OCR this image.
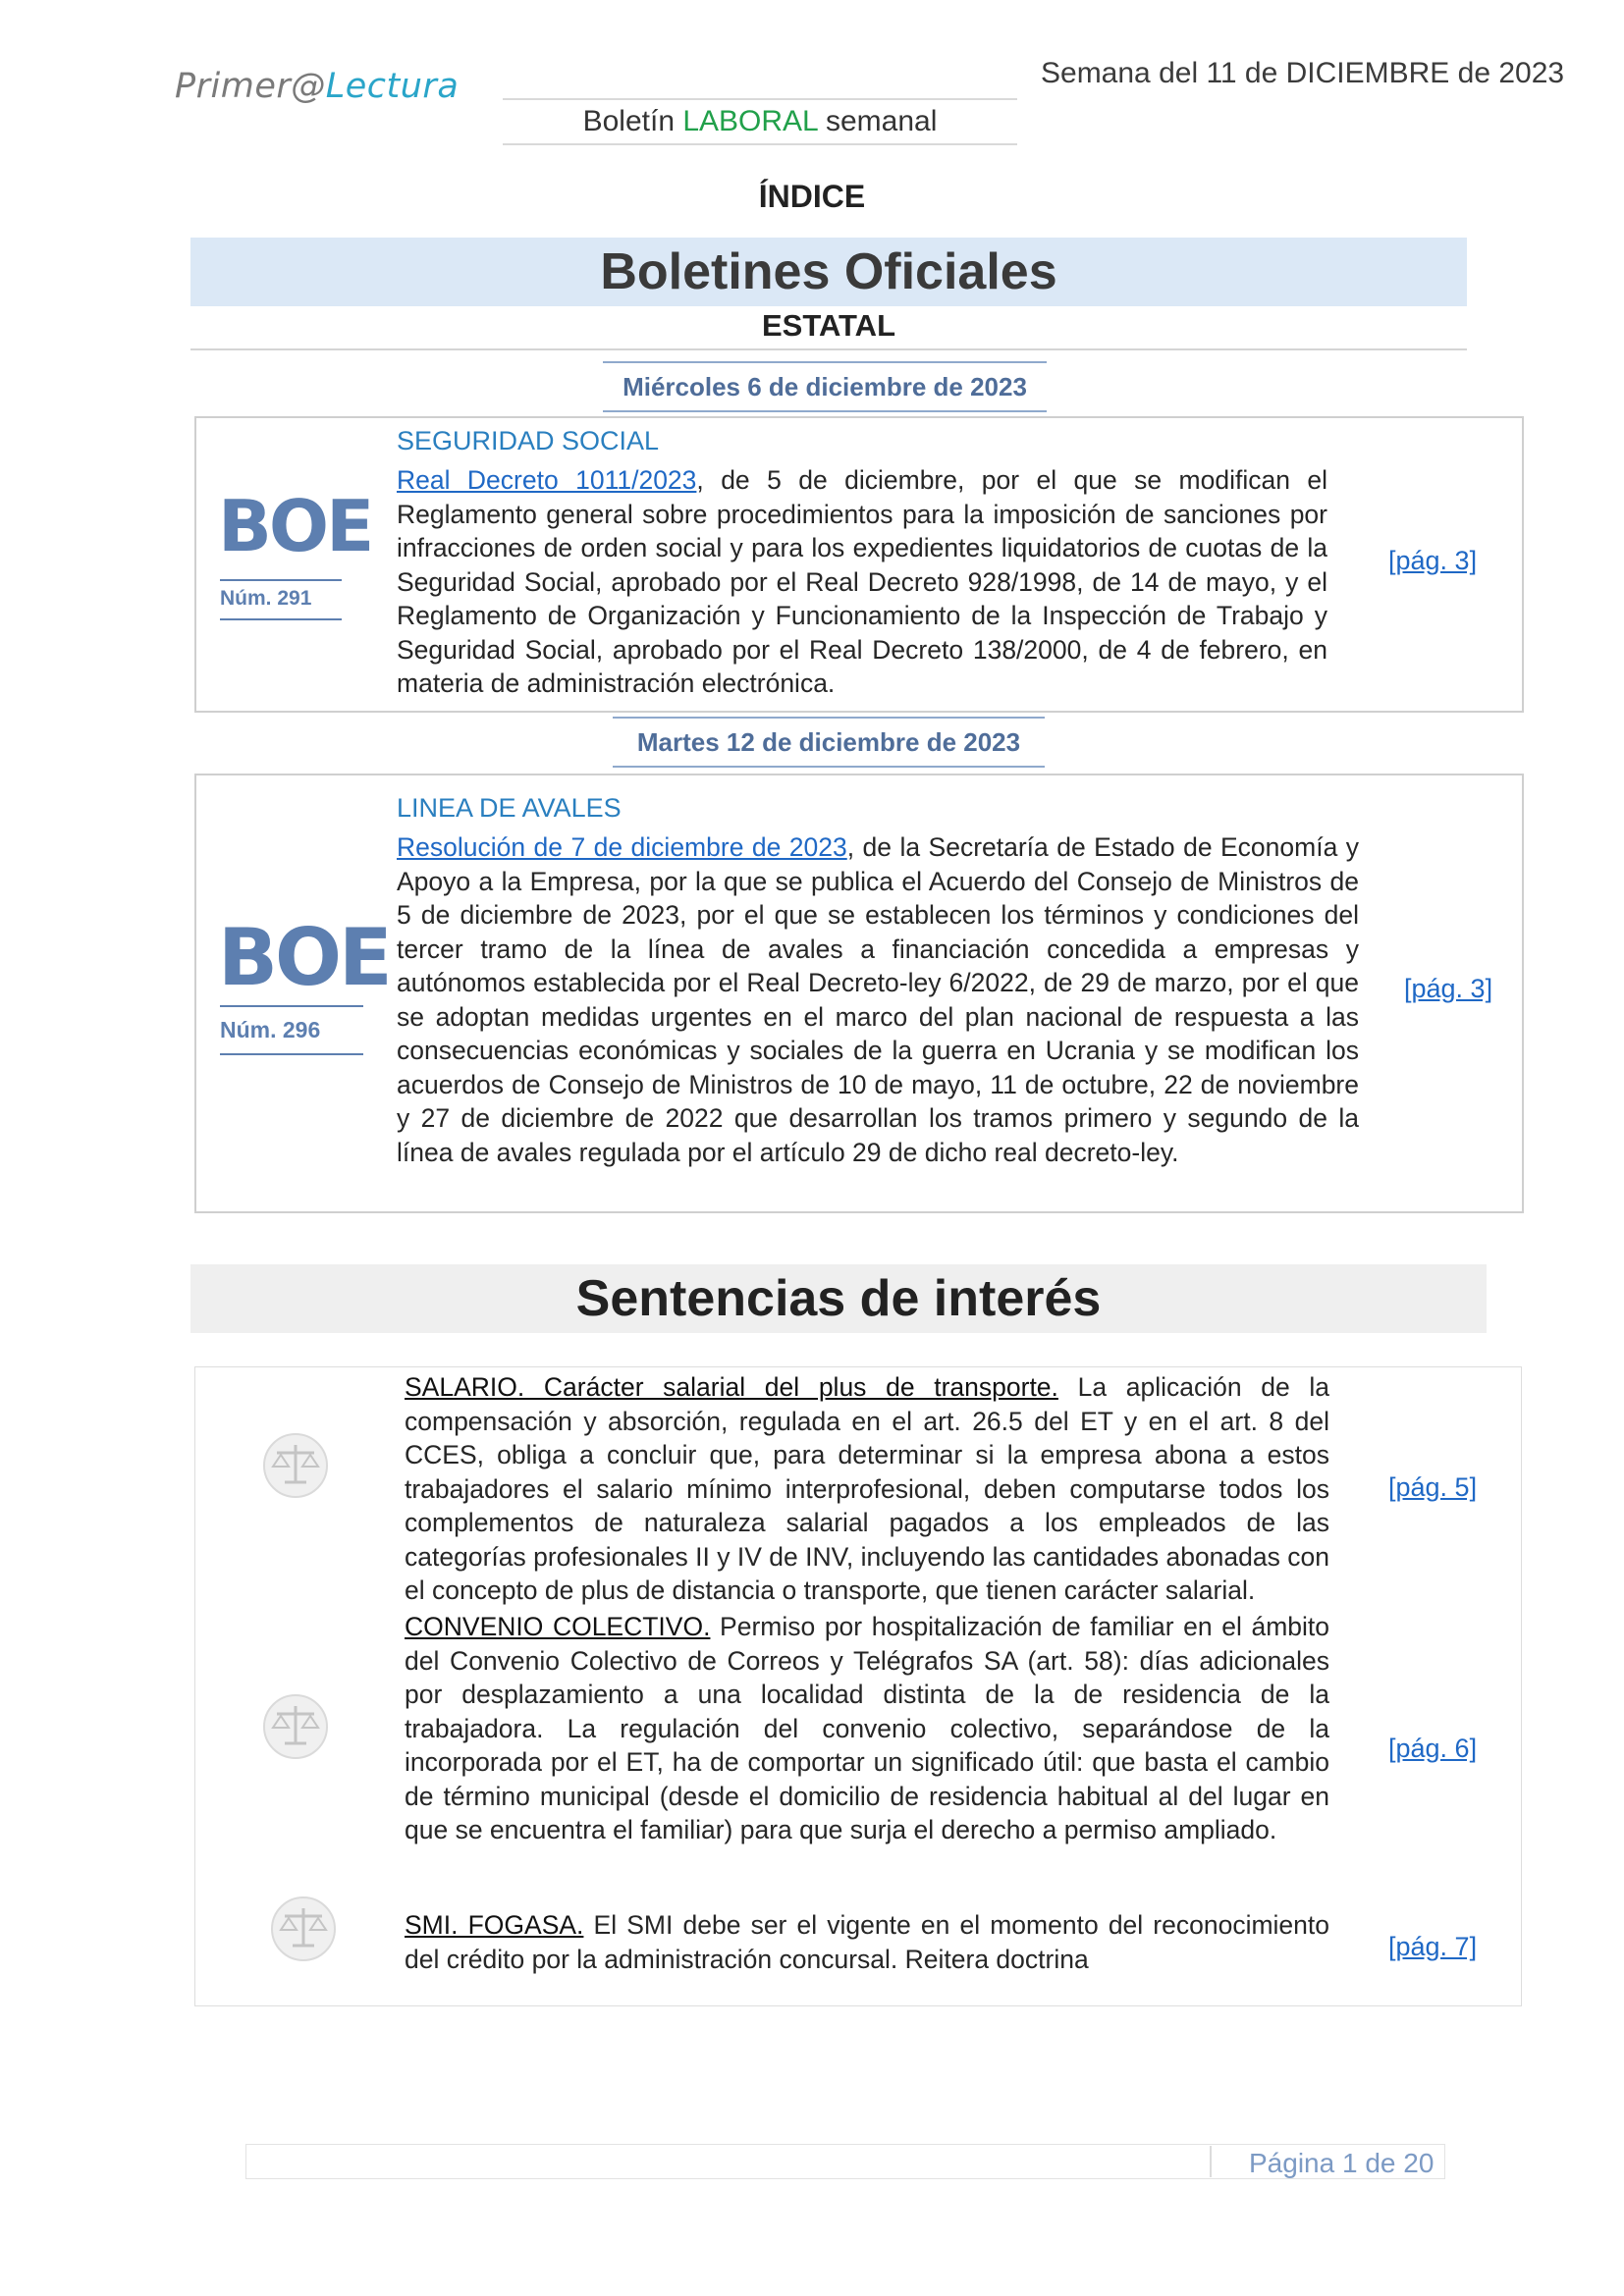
Primer@Lectura	Semana del 11 de DICIEMBRE de 2023
Boletín LABORAL semanal
ÍNDICE
Boletines Oficiales
ESTATAL
Miércoles 6 de diciembre de 2023
BOE
Núm. 291
SEGURIDAD SOCIAL
Real Decreto 1011/2023, de 5 de diciembre, por el que se modifican el Reglamento general sobre procedimientos para la imposición de sanciones por infracciones de orden social y para los expedientes liquidatorios de cuotas de la Seguridad Social, aprobado por el Real Decreto 928/1998, de 14 de mayo, y el Reglamento de Organización y Funcionamiento de la Inspección de Trabajo y Seguridad Social, aprobado por el Real Decreto 138/2000, de 4 de febrero, en materia de administración electrónica.
[pág. 3]
Martes 12 de diciembre de 2023
BOE
Núm. 296
LINEA DE AVALES
Resolución de 7 de diciembre de 2023, de la Secretaría de Estado de Economía y Apoyo a la Empresa, por la que se publica el Acuerdo del Consejo de Ministros de 5 de diciembre de 2023, por el que se establecen los términos y condiciones del tercer tramo de la línea de avales a financiación concedida a empresas y autónomos establecida por el Real Decreto-ley 6/2022, de 29 de marzo, por el que se adoptan medidas urgentes en el marco del plan nacional de respuesta a las consecuencias económicas y sociales de la guerra en Ucrania y se modifican los acuerdos de Consejo de Ministros de 10 de mayo, 11 de octubre, 22 de noviembre y 27 de diciembre de 2022 que desarrollan los tramos primero y segundo de la línea de avales regulada por el artículo 29 de dicho real decreto-ley.
[pág. 3]
Sentencias de interés
SALARIO. Carácter salarial del plus de transporte. La aplicación de la compensación y absorción, regulada en el art. 26.5 del ET y en el art. 8 del CCES, obliga a concluir que, para determinar si la empresa abona a estos trabajadores el salario mínimo interprofesional, deben computarse todos los complementos de naturaleza salarial pagados a los empleados de las categorías profesionales II y IV de INV, incluyendo las cantidades abonadas con el concepto de plus de distancia o transporte, que tienen carácter salarial.
[pág. 5]
CONVENIO COLECTIVO. Permiso por hospitalización de familiar en el ámbito del Convenio Colectivo de Correos y Telégrafos SA (art. 58): días adicionales por desplazamiento a una localidad distinta de la de residencia de la trabajadora. La regulación del convenio colectivo, separándose de la incorporada por el ET, ha de comportar un significado útil: que basta el cambio de término municipal (desde el domicilio de residencia habitual al del lugar en que se encuentra el familiar) para que surja el derecho a permiso ampliado.
[pág. 6]
SMI. FOGASA. El SMI debe ser el vigente en el momento del reconocimiento del crédito por la administración concursal. Reitera doctrina	[pág. 7]
Página 1 de 20
